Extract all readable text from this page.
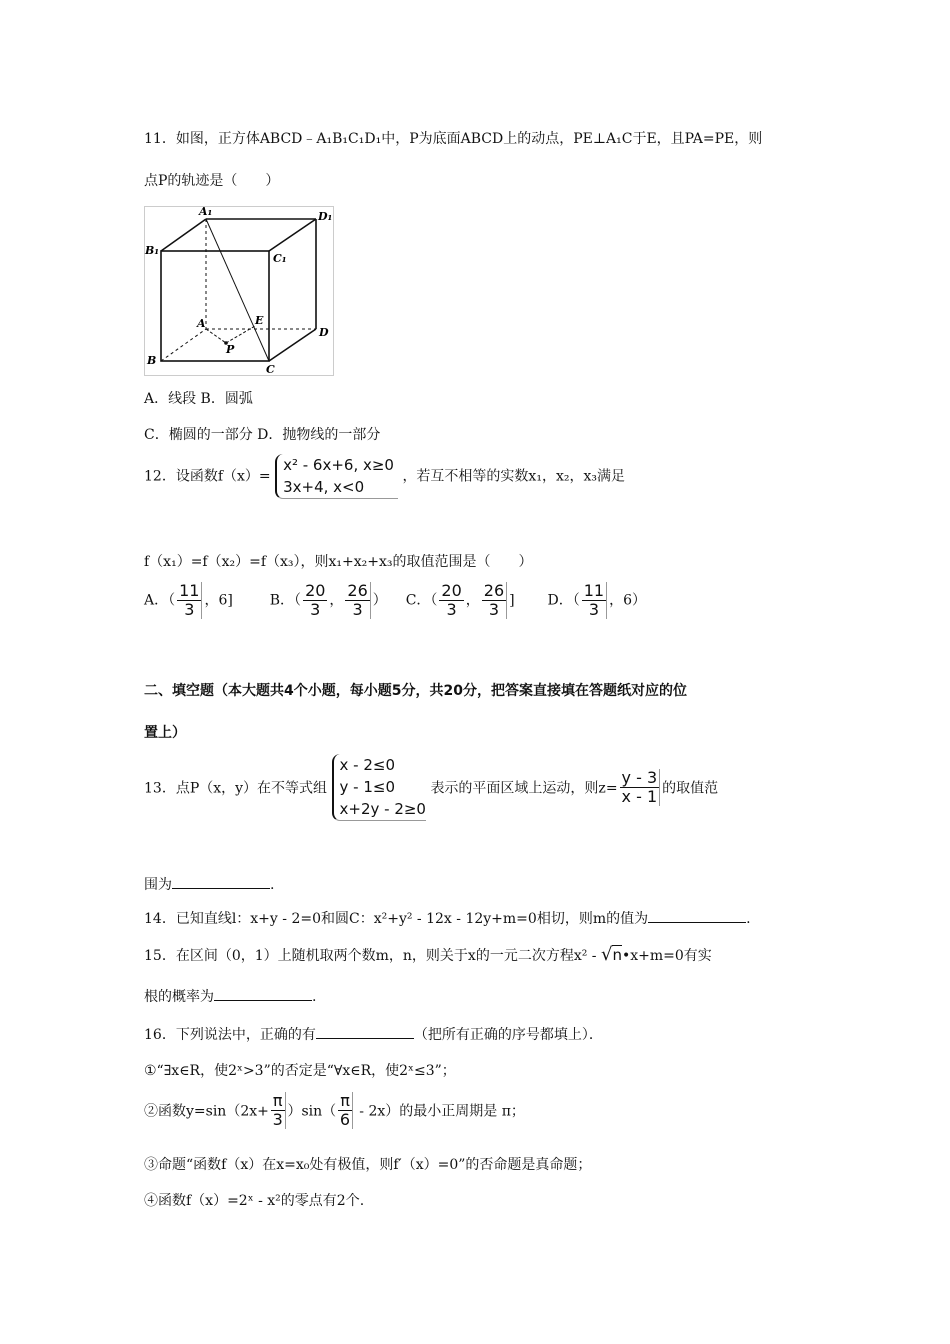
11．如图，正方体ABCD﹣A₁B₁C₁D₁中，P为底面ABCD上的动点，PE⊥A₁C于E，且PA=PE，则
点P的轨迹是（　　）
A₁	D₁
B₁
C₁
A	E
D
B
P
C
A．线段 B．圆弧
C．椭圆的一部分 D．抛物线的一部分
12．设函数f（x）=
x² - 6x+6, x≥0
3x+4, x<0
，若互不相等的实数x₁，x₂，x₃满足
f（x₁）=f（x₂）=f（x₃），则x₁+x₂+x₃的取值范围是（　　）
A．（ $\frac{11}{3}$ ，6]	B．（ $\frac{20}{3}$ ， $\frac{26}{3}$ ） C．（ $\frac{20}{3}$ ， $\frac{26}{3}$ ] D．（ $\frac{11}{3}$ ，6）
二、填空题（本大题共4个小题，每小题5分，共20分，把答案直接填在答题纸对应的位
置上）
13．点P（x，y）在不等式组
x - 2≤0
y - 1≤0
x+2y - 2≥0
表示的平面区域上运动，则$z= \frac{y - 3}{x - 1}$ 的取值范
围为	.
14．已知直线l：x+y - 2=0和圆C：x²+y² - 12x - 12y+m=0相切，则m的值为	.
15．在区间（0，1）上随机取两个数m，n，则关于x的一元二次方程x² - √n•x+m=0有实
根的概率为	.
16．下列说法中，正确的有	（把所有正确的序号都填上）．
①“∃x∈R，使2ˣ>3”的否定是“∀x∈R，使2ˣ≤3”；
②函数$y=\sin(2x+ \frac{\pi}{3} )\sin( \frac{\pi}{6} - 2x)$的最小正周期是 π；
③命题“函数f（x）在x=x₀处有极值，则f′（x）=0”的否命题是真命题；
④函数f（x）=2ˣ - x²的零点有2个.
